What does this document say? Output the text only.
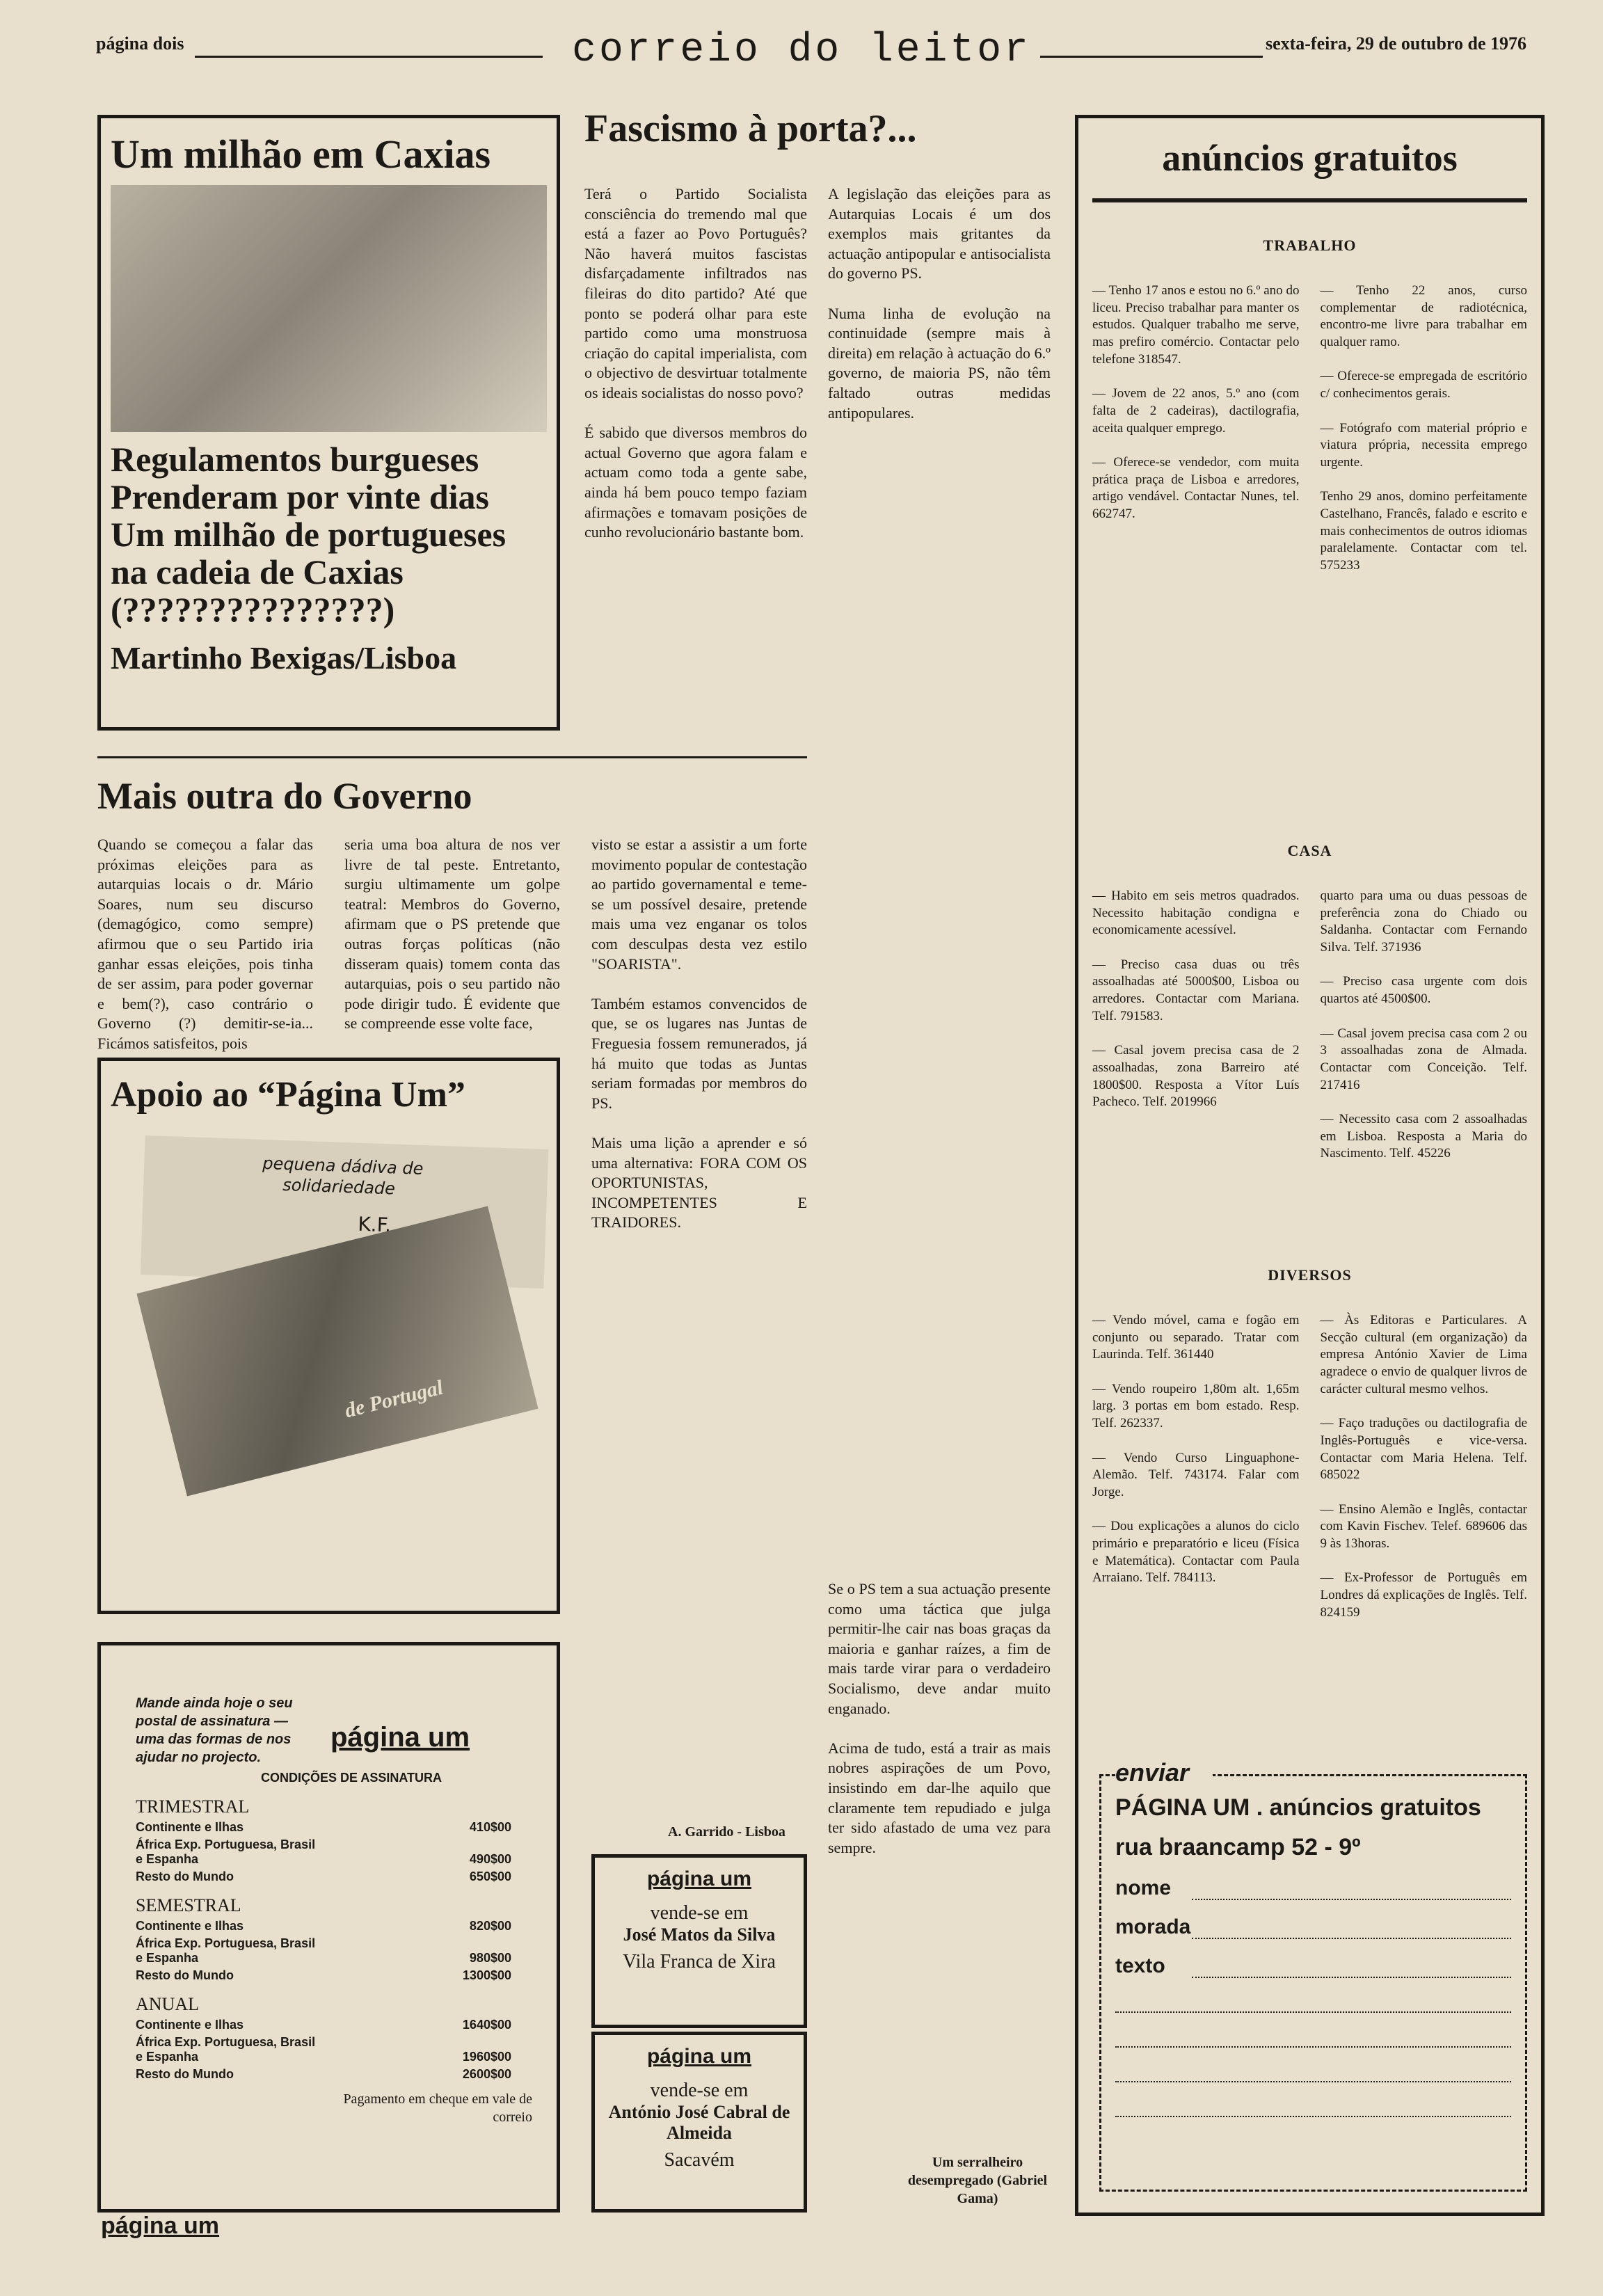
página dois	correio do leitor	sexta-feira, 29 de outubro de 1976
Um milhão em Caxias
Regulamentos burgueses Prenderam por vinte dias Um milhão de portugueses na cadeia de Caxias (???????????????)
Martinho Bexigas/Lisboa
Fascismo à porta?...
Terá o Partido Socialista consciência do tremendo mal que está a fazer ao Povo Português? Não haverá muitos fascistas disfarçadamente infiltrados nas fileiras do dito partido? Até que ponto se poderá olhar para este partido como uma monstruosa criação do capital imperialista, com o objectivo de desvirtuar totalmente os ideais socialistas do nosso povo?

É sabido que diversos membros do actual Governo que agora falam e actuam como toda a gente sabe, ainda há bem pouco tempo faziam afirmações e tomavam posições de cunho revolucionário bastante bom.
A legislação das eleições para as Autarquias Locais é um dos exemplos mais gritantes da actuação antipopular e antisocialista do governo PS.

Numa linha de evolução na continuidade (sempre mais à direita) em relação à actuação do 6.º governo, de maioria PS, não têm faltado outras medidas antipopulares.
Se o PS tem a sua actuação presente como uma táctica que julga permitir-lhe cair nas boas graças da maioria e ganhar raízes, a fim de mais tarde virar para o verdadeiro Socialismo, deve andar muito enganado.

Acima de tudo, está a trair as mais nobres aspirações de um Povo, insistindo em dar-lhe aquilo que claramente tem repudiado e julga ter sido afastado de uma vez para sempre.
Um serralheiro desempregado (Gabriel Gama)
Mais outra do Governo
Quando se começou a falar das próximas eleições para as autarquias locais o dr. Mário Soares, num seu discurso (demagógico, como sempre) afirmou que o seu Partido iria ganhar essas eleições, pois tinha de ser assim, para poder governar e bem(?), caso contrário o Governo (?) demitir-se-ia... Ficámos satisfeitos, pois
seria uma boa altura de nos ver livre de tal peste. Entretanto, surgiu ultimamente um golpe teatral: Membros do Governo, afirmam que o PS pretende que outras forças políticas (não disseram quais) tomem conta das autarquias, pois o seu partido não pode dirigir tudo. É evidente que se compreende esse volte face,
visto se estar a assistir a um forte movimento popular de contestação ao partido governamental e teme-se um possível desaire, pretende mais uma vez enganar os tolos com desculpas desta vez estilo "SOARISTA".

Também estamos convencidos de que, se os lugares nas Juntas de Freguesia fossem remunerados, já há muito que todas as Juntas seriam formadas por membros do PS.

Mais uma lição a aprender e só uma alternativa: FORA COM OS OPORTUNISTAS, INCOMPETENTES E TRAIDORES.
A. Garrido - Lisboa
Apoio ao “Página Um”
pequena dádiva de
solidariedade
K.F.
de Portugal
Mande ainda hoje o seu postal de assinatura — uma das formas de nos ajudar no projecto.
página um
CONDIÇÕES DE ASSINATURA
TRIMESTRAL
Continente e Ilhas	410$00
África Exp. Portuguesa, Brasil e Espanha	490$00
Resto do Mundo	650$00
SEMESTRAL
Continente e Ilhas	820$00
África Exp. Portuguesa, Brasil e Espanha	980$00
Resto do Mundo	1300$00
ANUAL
Continente e Ilhas	1640$00
África Exp. Portuguesa, Brasil e Espanha	1960$00
Resto do Mundo	2600$00
Pagamento em cheque em vale de correio
página um
página um
vende-se em
José Matos da Silva
Vila Franca de Xira
página um
vende-se em
António José Cabral de Almeida
Sacavém
anúncios gratuitos
TRABALHO
— Tenho 17 anos e estou no 6.º ano do liceu. Preciso trabalhar para manter os estudos. Qualquer trabalho me serve, mas prefiro comércio. Contactar pelo telefone 318547.

— Jovem de 22 anos, 5.º ano (com falta de 2 cadeiras), dactilografia, aceita qualquer emprego.

— Oferece-se vendedor, com muita prática praça de Lisboa e arredores, artigo vendável. Contactar Nunes, tel. 662747.
— Tenho 22 anos, curso complementar de radiotécnica, encontro-me livre para trabalhar em qualquer ramo.

— Oferece-se empregada de escritório c/ conhecimentos gerais.

— Fotógrafo com material próprio e viatura própria, necessita emprego urgente.

Tenho 29 anos, domino perfeitamente Castelhano, Francês, falado e escrito e mais conhecimentos de outros idiomas paralelamente. Contactar com tel. 575233
CASA
— Habito em seis metros quadrados. Necessito habitação condigna e economicamente acessível.

— Preciso casa duas ou três assoalhadas até 5000$00, Lisboa ou arredores. Contactar com Mariana. Telf. 791583.

— Casal jovem precisa casa de 2 assoalhadas, zona Barreiro até 1800$00. Resposta a Vítor Luís Pacheco. Telf. 2019966
quarto para uma ou duas pessoas de preferência zona do Chiado ou Saldanha. Contactar com Fernando Silva. Telf. 371936

— Preciso casa urgente com dois quartos até 4500$00.

— Casal jovem precisa casa com 2 ou 3 assoalhadas zona de Almada. Contactar com Conceição. Telf. 217416

— Necessito casa com 2 assoalhadas em Lisboa. Resposta a Maria do Nascimento. Telf. 45226
DIVERSOS
— Vendo móvel, cama e fogão em conjunto ou separado. Tratar com Laurinda. Telf. 361440

— Vendo roupeiro 1,80m alt. 1,65m larg. 3 portas em bom estado. Resp. Telf. 262337.

— Vendo Curso Linguaphone-Alemão. Telf. 743174. Falar com Jorge.

— Dou explicações a alunos do ciclo primário e preparatório e liceu (Física e Matemática). Contactar com Paula Arraiano. Telf. 784113.
— Às Editoras e Particulares. A Secção cultural (em organização) da empresa António Xavier de Lima agradece o envio de qualquer livros de carácter cultural mesmo velhos.

— Faço traduções ou dactilografia de Inglês-Português e vice-versa. Contactar com Maria Helena. Telf. 685022

— Ensino Alemão e Inglês, contactar com Kavin Fischev. Telef. 689606 das 9 às 13horas.

— Ex-Professor de Português em Londres dá explicações de Inglês. Telf. 824159
enviar
PÁGINA UM . anúncios gratuitos
rua braancamp 52 - 9º
nome
morada
texto
